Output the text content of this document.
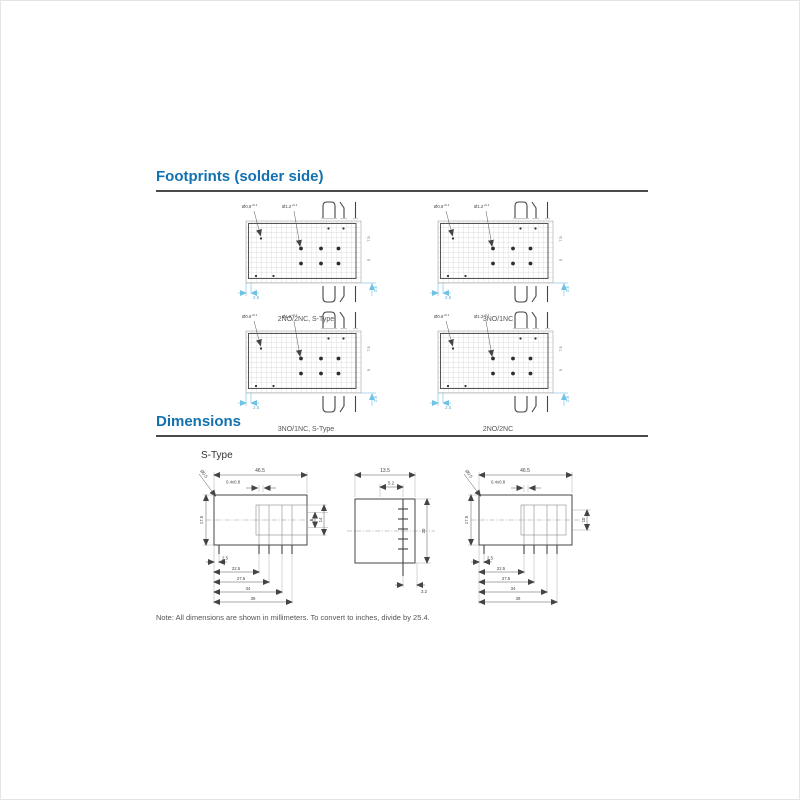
Footprints (solder side)
2NO/2NC, S-Type	3NO/1NC
3NO/1NC, S-Type	2NO/2NC
Dimensions
S-Type
46.5
0.4x0.8
Ø0.5
17.5	6 14
2.5
22.5
27.5
34
39
13.5
5.2
20
3.2
46.5
0.4x0.8
Ø0.5
17.5	10
2.5
22.5
27.5
34
39

Note: All dimensions are shown in millimeters. To convert to inches, divide by 25.4.
